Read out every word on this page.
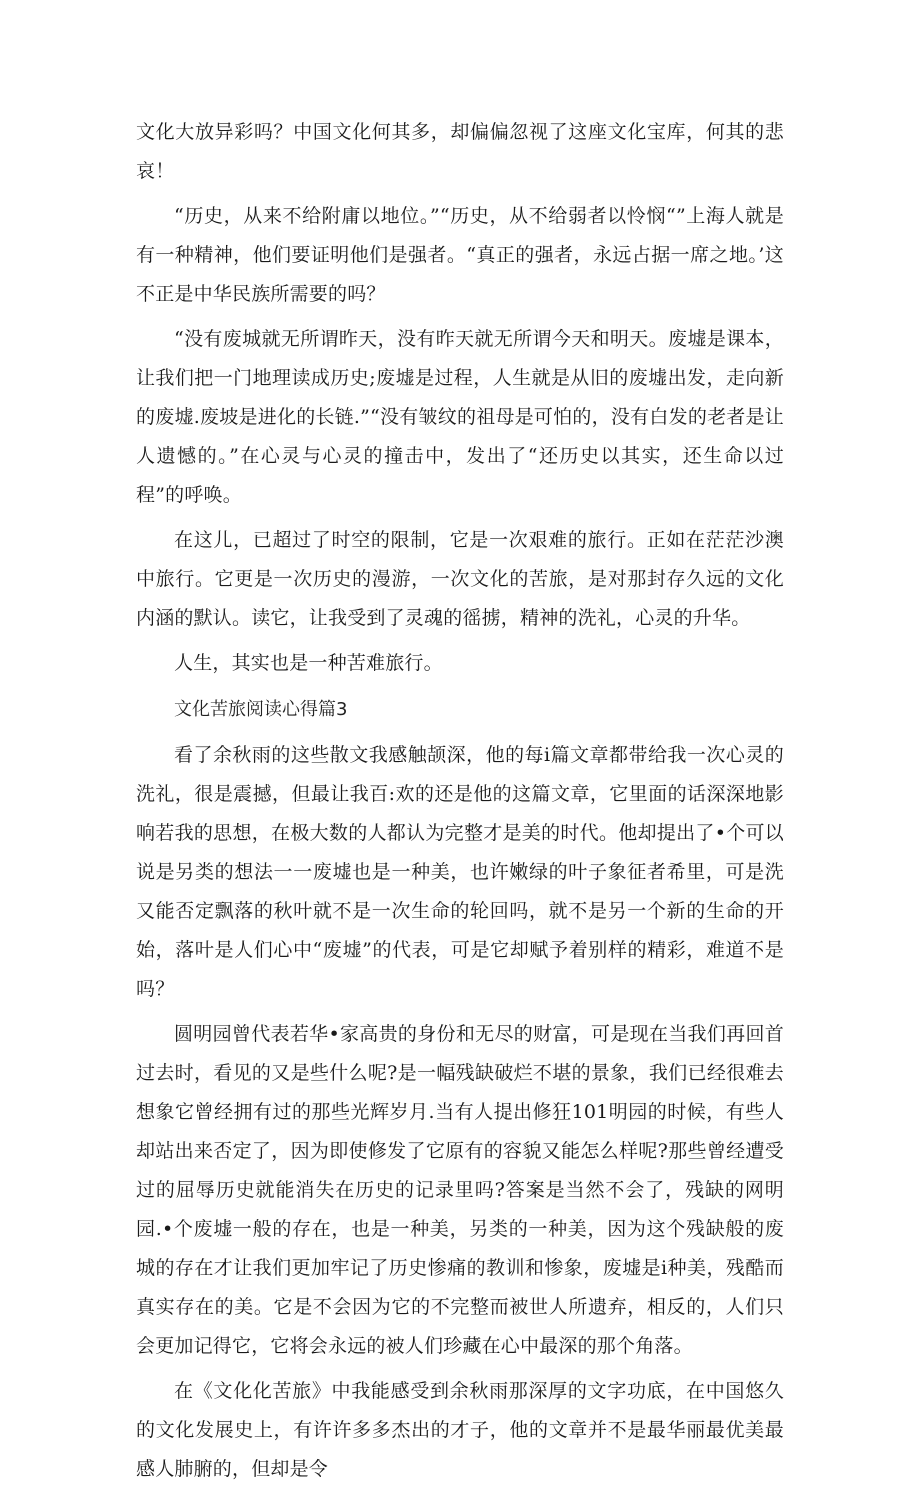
文化大放异彩吗？中国文化何其多，却偏偏忽视了这座文化宝库，何其的悲哀！

“历史，从来不给附庸以地位。”“历史，从不给弱者以怜悯“”上海人就是有一种精神，他们要证明他们是强者。“真正的强者，永远占据一席之地。’这不正是中华民族所需要的吗？

“没有废城就无所谓昨天，没有昨天就无所谓今天和明天。废墟是课本，让我们把一门地理读成历史;废墟是过程，人生就是从旧的废墟出发，走向新的废墟.废坡是进化的长链.”“没有皱纹的祖母是可怕的，没有白发的老者是让人遗憾的。”在心灵与心灵的撞击中，发出了“还历史以其实，还生命以过程”的呼唤。

在这儿，已超过了时空的限制，它是一次艰难的旅行。正如在茫茫沙澳中旅行。它更是一次历史的漫游，一次文化的苦旅，是对那封存久远的文化内涵的默认。读它，让我受到了灵魂的徭掳，精神的洗礼，心灵的升华。

人生，其实也是一种苦难旅行。

文化苦旅阅读心得篇3

看了余秋雨的这些散文我感触颉深，他的每i篇文章都带给我一次心灵的洗礼，很是震撼，但最让我百:欢的还是他的这篇文章，它里面的话深深地影响若我的思想，在极大数的人都认为完整才是美的时代。他却提出了•个可以说是另类的想法一一废墟也是一种美，也许嫩绿的叶子象征者希里，可是洗又能否定飘落的秋叶就不是一次生命的轮回吗，就不是另一个新的生命的开始，落叶是人们心中“废墟”的代表，可是它却赋予着别样的精彩，难道不是吗？

圆明园曾代表若华•家高贵的身份和无尽的财富，可是现在当我们再回首过去时，看见的又是些什么呢?是一幅残缺破烂不堪的景象，我们已经很难去想象它曾经拥有过的那些光辉岁月.当有人提出修狂101明园的时候，有些人却站出来否定了，因为即使修发了它原有的容貌又能怎么样呢?那些曾经遭受过的屈辱历史就能消失在历史的记录里吗?答案是当然不会了，残缺的网明园.•个废墟一般的存在，也是一种美，另类的一种美，因为这个残缺般的废城的存在才让我们更加牢记了历史惨痛的教训和惨象，废墟是i种美，残酷而真实存在的美。它是不会因为它的不完整而被世人所遗弃，相反的，人们只会更加记得它，它将会永远的被人们珍藏在心中最深的那个角落。

在《文化化苦旅》中我能感受到余秋雨那深厚的文字功底，在中国悠久的文化发展史上，有许许多多杰出的才子，他的文章并不是最华丽最优美最感人肺腑的，但却是令
